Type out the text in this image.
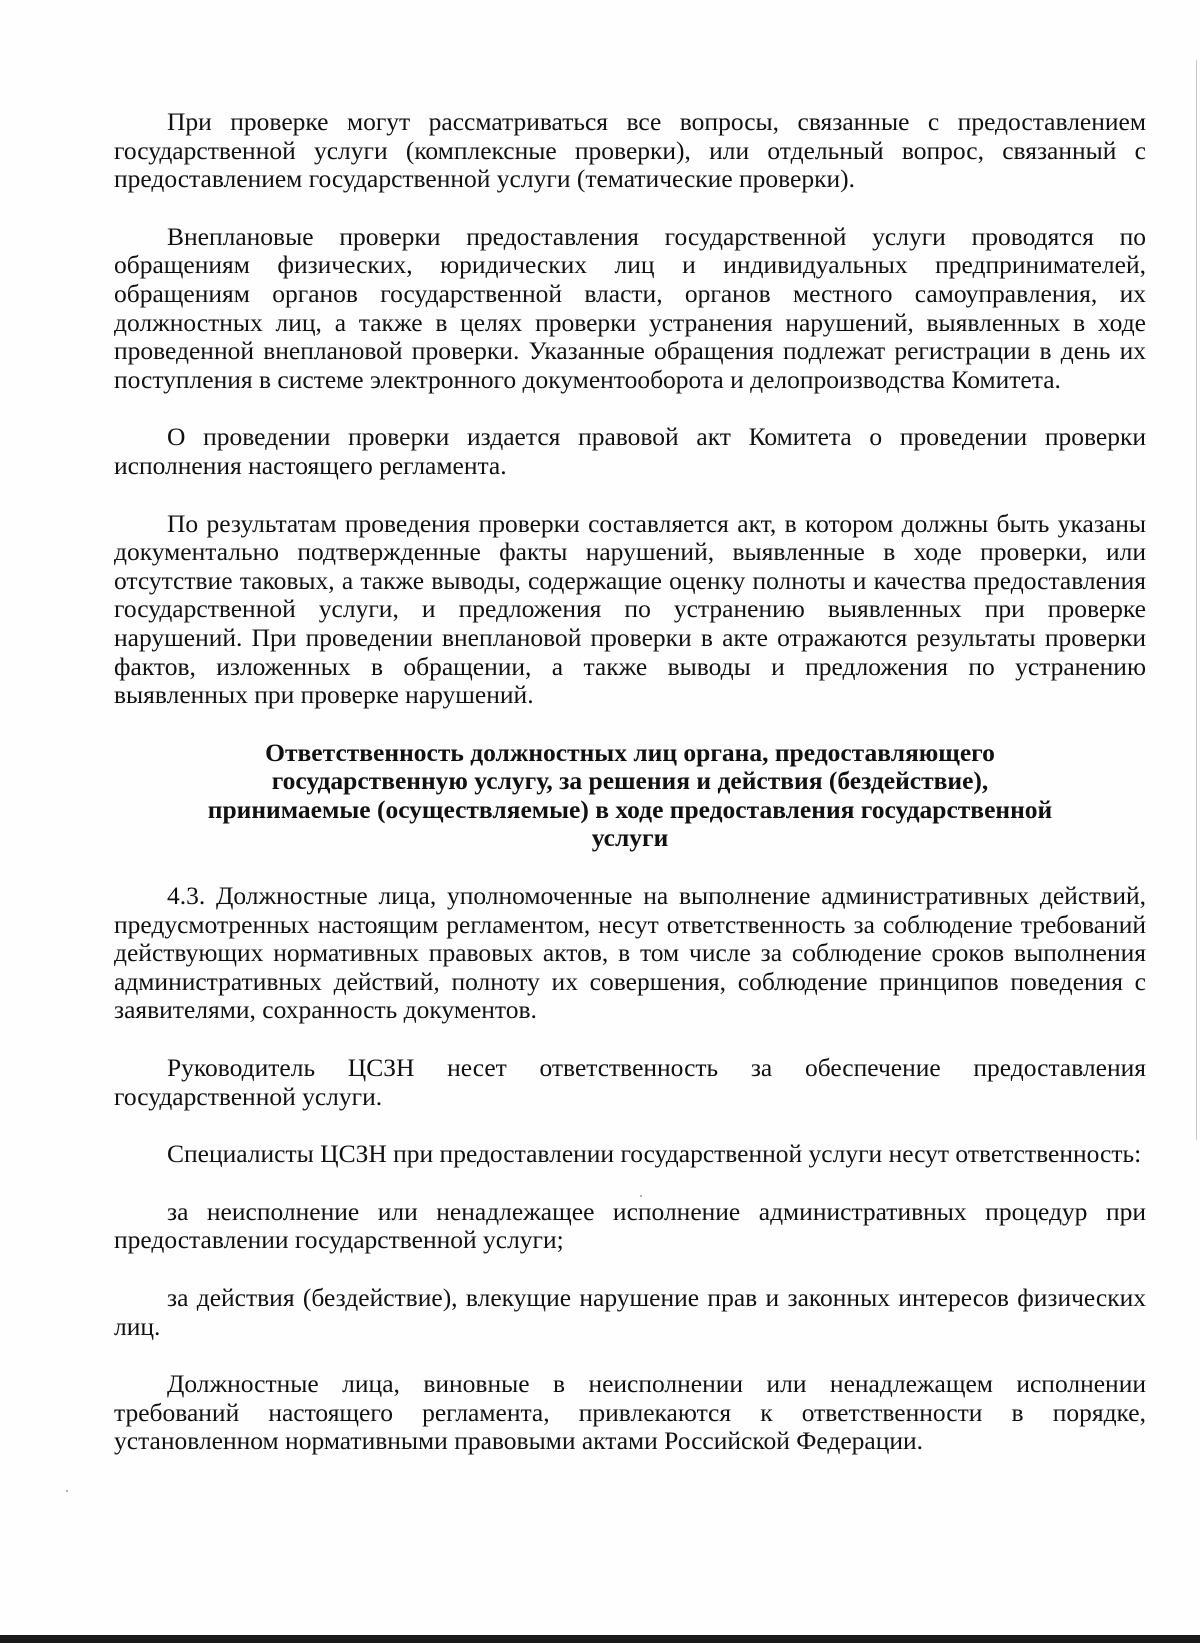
При проверке могут рассматриваться все вопросы, связанные с предоставлением государственной услуги (комплексные проверки), или отдельный вопрос, связанный с предоставлением государственной услуги (тематические проверки).

Внеплановые проверки предоставления государственной услуги проводятся по обращениям физических, юридических лиц и индивидуальных предпринимателей, обращениям органов государственной власти, органов местного самоуправления, их должностных лиц, а также в целях проверки устранения нарушений, выявленных в ходе проведенной внеплановой проверки. Указанные обращения подлежат регистрации в день их поступления в системе электронного документооборота и делопроизводства Комитета.

О проведении проверки издается правовой акт Комитета о проведении проверки исполнения настоящего регламента.

По результатам проведения проверки составляется акт, в котором должны быть указаны документально подтвержденные факты нарушений, выявленные в ходе проверки, или отсутствие таковых, а также выводы, содержащие оценку полноты и качества предоставления государственной услуги, и предложения по устранению выявленных при проверке нарушений. При проведении внеплановой проверки в акте отражаются результаты проверки фактов, изложенных в обращении, а также выводы и предложения по устранению выявленных при проверке нарушений.

Ответственность должностных лиц органа, предоставляющего государственную услугу, за решения и действия (бездействие), принимаемые (осуществляемые) в ходе предоставления государственной услуги

4.3. Должностные лица, уполномоченные на выполнение административных действий, предусмотренных настоящим регламентом, несут ответственность за соблюдение требований действующих нормативных правовых актов, в том числе за соблюдение сроков выполнения административных действий, полноту их совершения, соблюдение принципов поведения с заявителями, сохранность документов.

Руководитель ЦСЗН несет ответственность за обеспечение предоставления государственной услуги.

Специалисты ЦСЗН при предоставлении государственной услуги несут ответственность:

за неисполнение или ненадлежащее исполнение административных процедур при предоставлении государственной услуги;

за действия (бездействие), влекущие нарушение прав и законных интересов физических лиц.

Должностные лица, виновные в неисполнении или ненадлежащем исполнении требований настоящего регламента, привлекаются к ответственности в порядке, установленном нормативными правовыми актами Российской Федерации.
